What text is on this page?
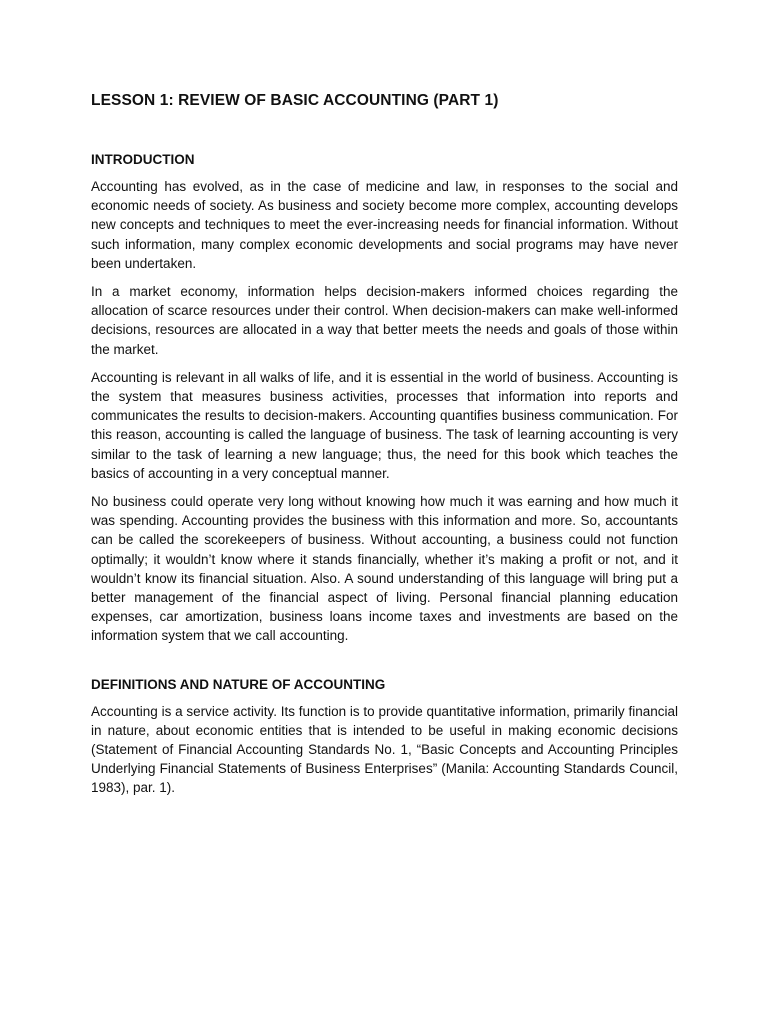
LESSON 1: REVIEW OF BASIC ACCOUNTING (PART 1)
INTRODUCTION

Accounting has evolved, as in the case of medicine and law, in responses to the social and economic needs of society. As business and society become more complex, accounting develops new concepts and techniques to meet the ever-increasing needs for financial information. Without such information, many complex economic developments and social programs may have never been undertaken.

In a market economy, information helps decision-makers informed choices regarding the allocation of scarce resources under their control. When decision-makers can make well-informed decisions, resources are allocated in a way that better meets the needs and goals of those within the market.

Accounting is relevant in all walks of life, and it is essential in the world of business. Accounting is the system that measures business activities, processes that information into reports and communicates the results to decision-makers. Accounting quantifies business communication. For this reason, accounting is called the language of business. The task of learning accounting is very similar to the task of learning a new language; thus, the need for this book which teaches the basics of accounting in a very conceptual manner.

No business could operate very long without knowing how much it was earning and how much it was spending. Accounting provides the business with this information and more. So, accountants can be called the scorekeepers of business. Without accounting, a business could not function optimally; it wouldn’t know where it stands financially, whether it’s making a profit or not, and it wouldn’t know its financial situation. Also. A sound understanding of this language will bring put a better management of the financial aspect of living. Personal financial planning education expenses, car amortization, business loans income taxes and investments are based on the information system that we call accounting.

DEFINITIONS AND NATURE OF ACCOUNTING

Accounting is a service activity. Its function is to provide quantitative information, primarily financial in nature, about economic entities that is intended to be useful in making economic decisions (Statement of Financial Accounting Standards No. 1, “Basic Concepts and Accounting Principles Underlying Financial Statements of Business Enterprises” (Manila: Accounting Standards Council, 1983), par. 1).
